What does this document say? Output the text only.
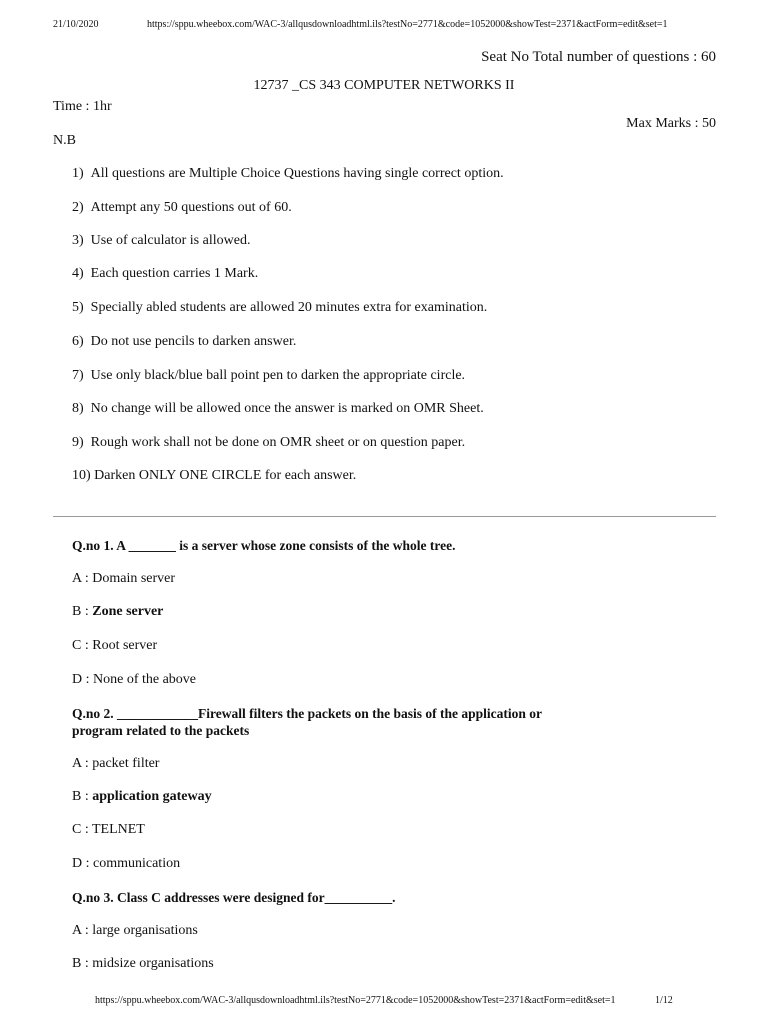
21/10/2020	https://sppu.wheebox.com/WAC-3/allqusdownloadhtml.ils?testNo=2771&code=1052000&showTest=2371&actForm=edit&set=1
Seat No Total number of questions : 60
12737 _CS 343 COMPUTER NETWORKS II
Time : 1hr
Max Marks : 50
N.B
1) All questions are Multiple Choice Questions having single correct option.
2) Attempt any 50 questions out of 60.
3) Use of calculator is allowed.
4) Each question carries 1 Mark.
5) Specially abled students are allowed 20 minutes extra for examination.
6) Do not use pencils to darken answer.
7) Use only black/blue ball point pen to darken the appropriate circle.
8) No change will be allowed once the answer is marked on OMR Sheet.
9) Rough work shall not be done on OMR sheet or on question paper.
10) Darken ONLY ONE CIRCLE for each answer.
Q.no 1. A _______ is a server whose zone consists of the whole tree.
A : Domain server
B : Zone server
C : Root server
D : None of the above
Q.no 2. ____________Firewall filters the packets on the basis of the application or
program related to the packets
A : packet filter
B : application gateway
C : TELNET
D : communication
Q.no 3. Class C addresses were designed for__________.
A : large organisations
B : midsize organisations
https://sppu.wheebox.com/WAC-3/allqusdownloadhtml.ils?testNo=2771&code=1052000&showTest=2371&actForm=edit&set=1	1/12
